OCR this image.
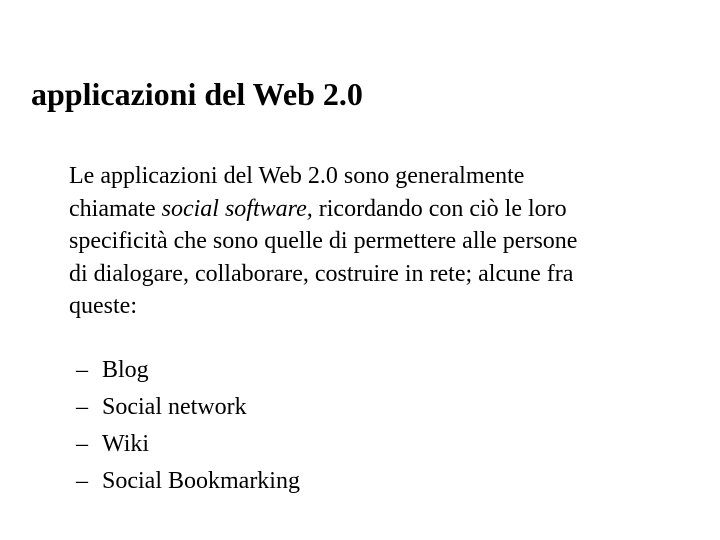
applicazioni del Web 2.0
Le applicazioni del Web 2.0 sono generalmente
chiamate social software, ricordando con ciò le loro
specificità che sono quelle di permettere alle persone
di dialogare, collaborare, costruire in rete; alcune fra
queste:
– Blog
– Social network
– Wiki
– Social Bookmarking
